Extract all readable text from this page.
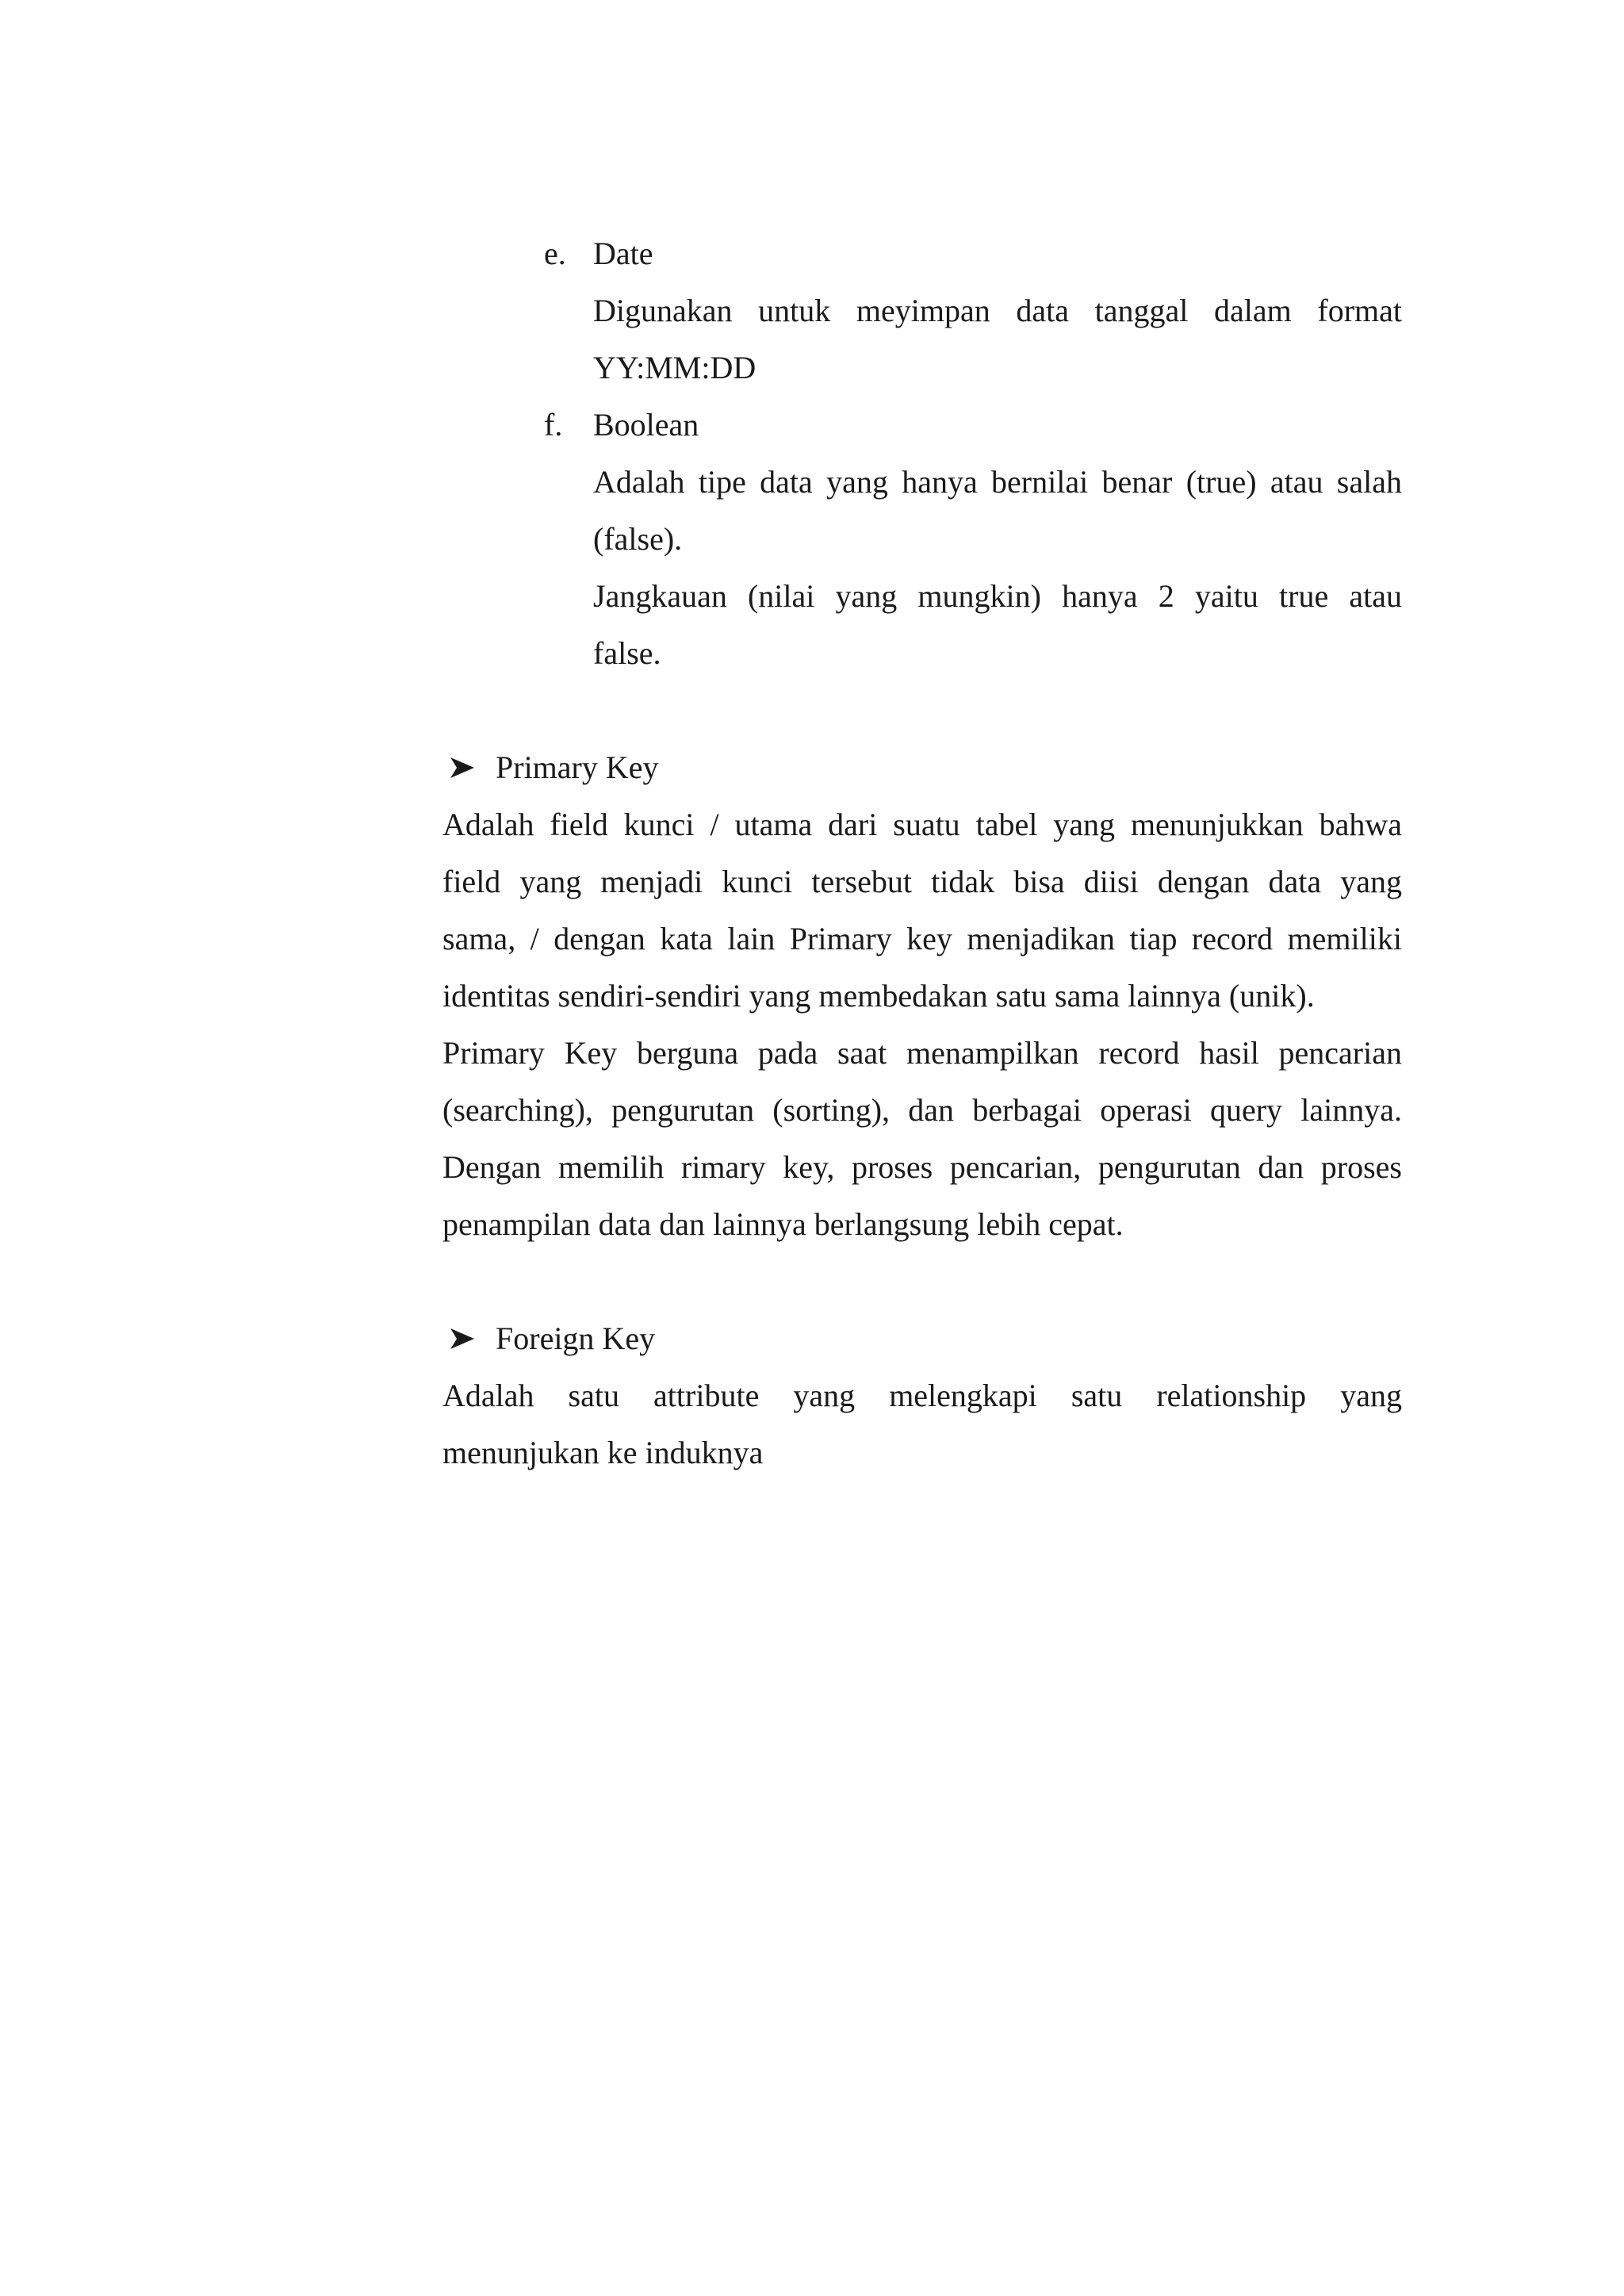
e. Date
Digunakan untuk meyimpan data tanggal dalam format
YY:MM:DD
f. Boolean
Adalah tipe data yang hanya bernilai benar (true) atau salah
(false).
Jangkauan (nilai yang mungkin) hanya 2 yaitu true atau
false.
Primary Key
Adalah field kunci / utama dari suatu tabel yang menunjukkan bahwa
field yang menjadi kunci tersebut tidak bisa diisi dengan data yang
sama, / dengan kata lain Primary key menjadikan tiap record memiliki
identitas sendiri-sendiri yang membedakan satu sama lainnya (unik).
Primary Key berguna pada saat menampilkan record hasil pencarian
(searching), pengurutan (sorting), dan berbagai operasi query lainnya.
Dengan memilih rimary key, proses pencarian, pengurutan dan proses
penampilan data dan lainnya berlangsung lebih cepat.
Foreign Key
Adalah satu attribute yang melengkapi satu relationship yang
menunjukan ke induknya
